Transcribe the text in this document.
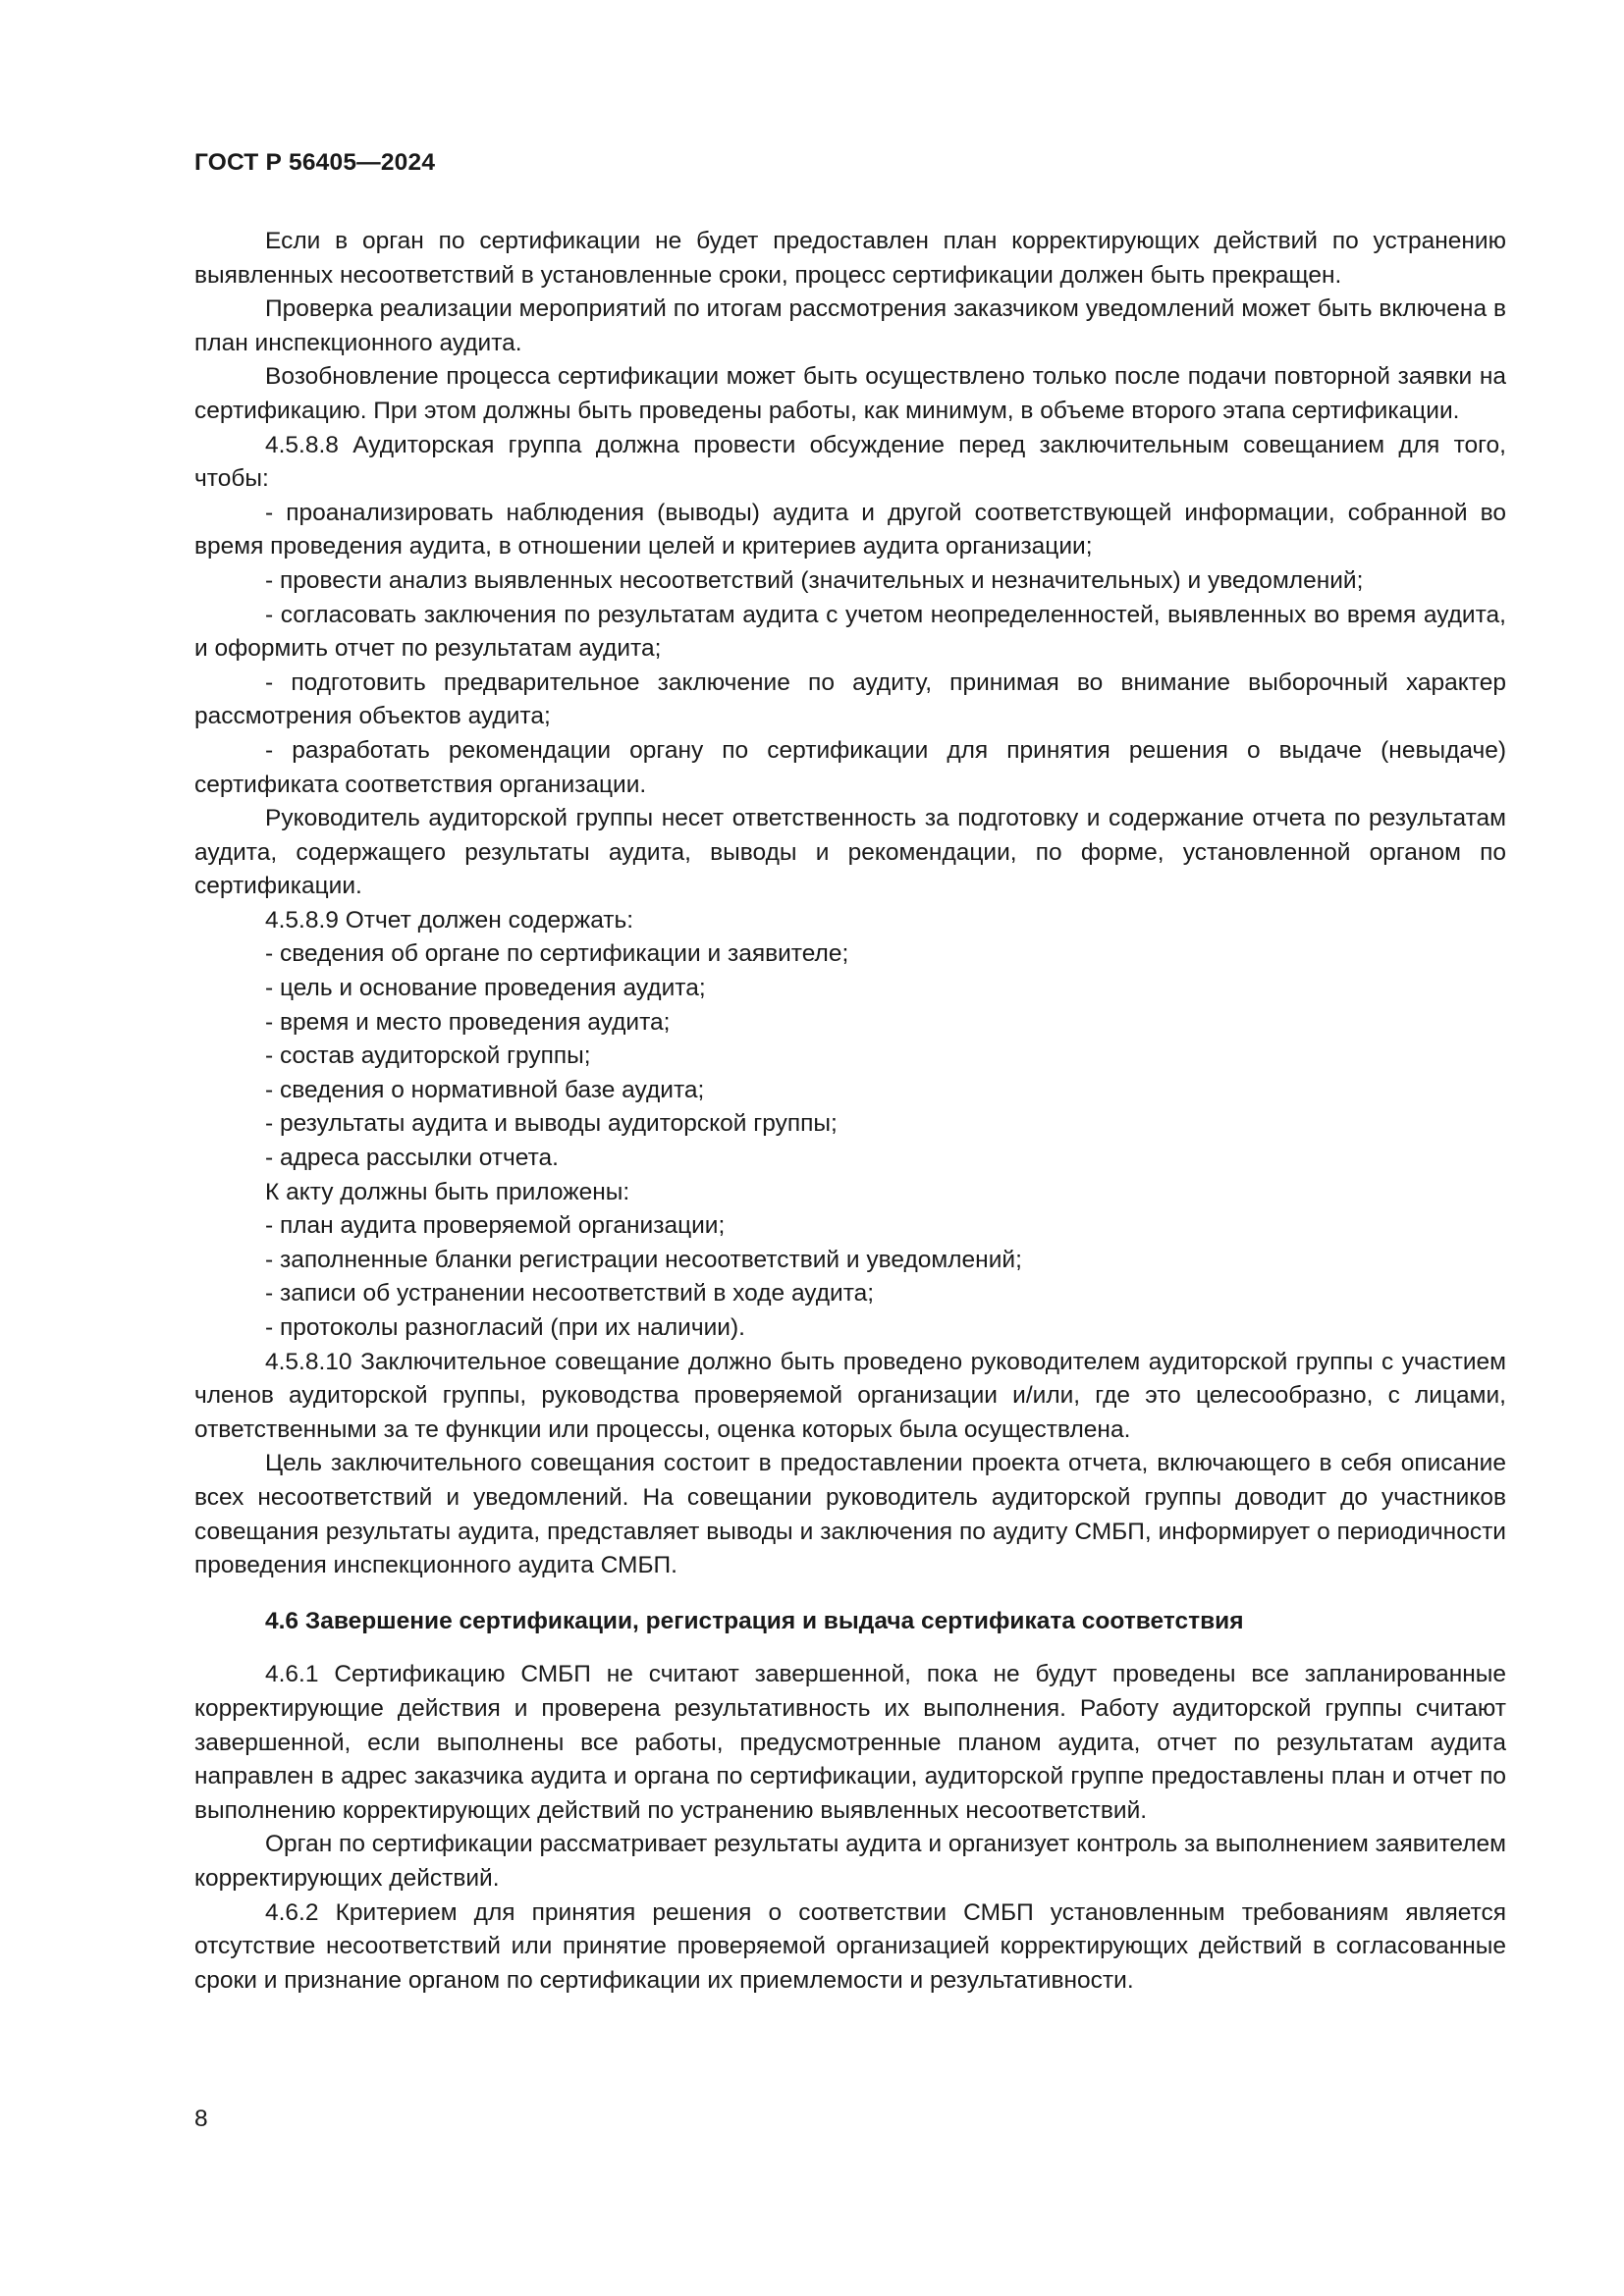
ГОСТ Р 56405—2024

Если в орган по сертификации не будет предоставлен план корректирующих действий по устранению выявленных несоответствий в установленные сроки, процесс сертификации должен быть прекращен.

Проверка реализации мероприятий по итогам рассмотрения заказчиком уведомлений может быть включена в план инспекционного аудита.

Возобновление процесса сертификации может быть осуществлено только после подачи повторной заявки на сертификацию. При этом должны быть проведены работы, как минимум, в объеме второго этапа сертификации.

4.5.8.8 Аудиторская группа должна провести обсуждение перед заключительным совещанием для того, чтобы:

- проанализировать наблюдения (выводы) аудита и другой соответствующей информации, собранной во время проведения аудита, в отношении целей и критериев аудита организации;

- провести анализ выявленных несоответствий (значительных и незначительных) и уведомлений;

- согласовать заключения по результатам аудита с учетом неопределенностей, выявленных во время аудита, и оформить отчет по результатам аудита;

- подготовить предварительное заключение по аудиту, принимая во внимание выборочный характер рассмотрения объектов аудита;

- разработать рекомендации органу по сертификации для принятия решения о выдаче (невыдаче) сертификата соответствия организации.

Руководитель аудиторской группы несет ответственность за подготовку и содержание отчета по результатам аудита, содержащего результаты аудита, выводы и рекомендации, по форме, установленной органом по сертификации.

4.5.8.9 Отчет должен содержать:

- сведения об органе по сертификации и заявителе;

- цель и основание проведения аудита;

- время и место проведения аудита;

- состав аудиторской группы;

- сведения о нормативной базе аудита;

- результаты аудита и выводы аудиторской группы;

- адреса рассылки отчета.

К акту должны быть приложены:

- план аудита проверяемой организации;

- заполненные бланки регистрации несоответствий и уведомлений;

- записи об устранении несоответствий в ходе аудита;

- протоколы разногласий (при их наличии).

4.5.8.10 Заключительное совещание должно быть проведено руководителем аудиторской группы с участием членов аудиторской группы, руководства проверяемой организации и/или, где это целесообразно, с лицами, ответственными за те функции или процессы, оценка которых была осуществлена.

Цель заключительного совещания состоит в предоставлении проекта отчета, включающего в себя описание всех несоответствий и уведомлений. На совещании руководитель аудиторской группы доводит до участников совещания результаты аудита, представляет выводы и заключения по аудиту СМБП, информирует о периодичности проведения инспекционного аудита СМБП.

4.6 Завершение сертификации, регистрация и выдача сертификата соответствия

4.6.1 Сертификацию СМБП не считают завершенной, пока не будут проведены все запланированные корректирующие действия и проверена результативность их выполнения. Работу аудиторской группы считают завершенной, если выполнены все работы, предусмотренные планом аудита, отчет по результатам аудита направлен в адрес заказчика аудита и органа по сертификации, аудиторской группе предоставлены план и отчет по выполнению корректирующих действий по устранению выявленных несоответствий.

Орган по сертификации рассматривает результаты аудита и организует контроль за выполнением заявителем корректирующих действий.

4.6.2 Критерием для принятия решения о соответствии СМБП установленным требованиям является отсутствие несоответствий или принятие проверяемой организацией корректирующих действий в согласованные сроки и признание органом по сертификации их приемлемости и результативности.

8
